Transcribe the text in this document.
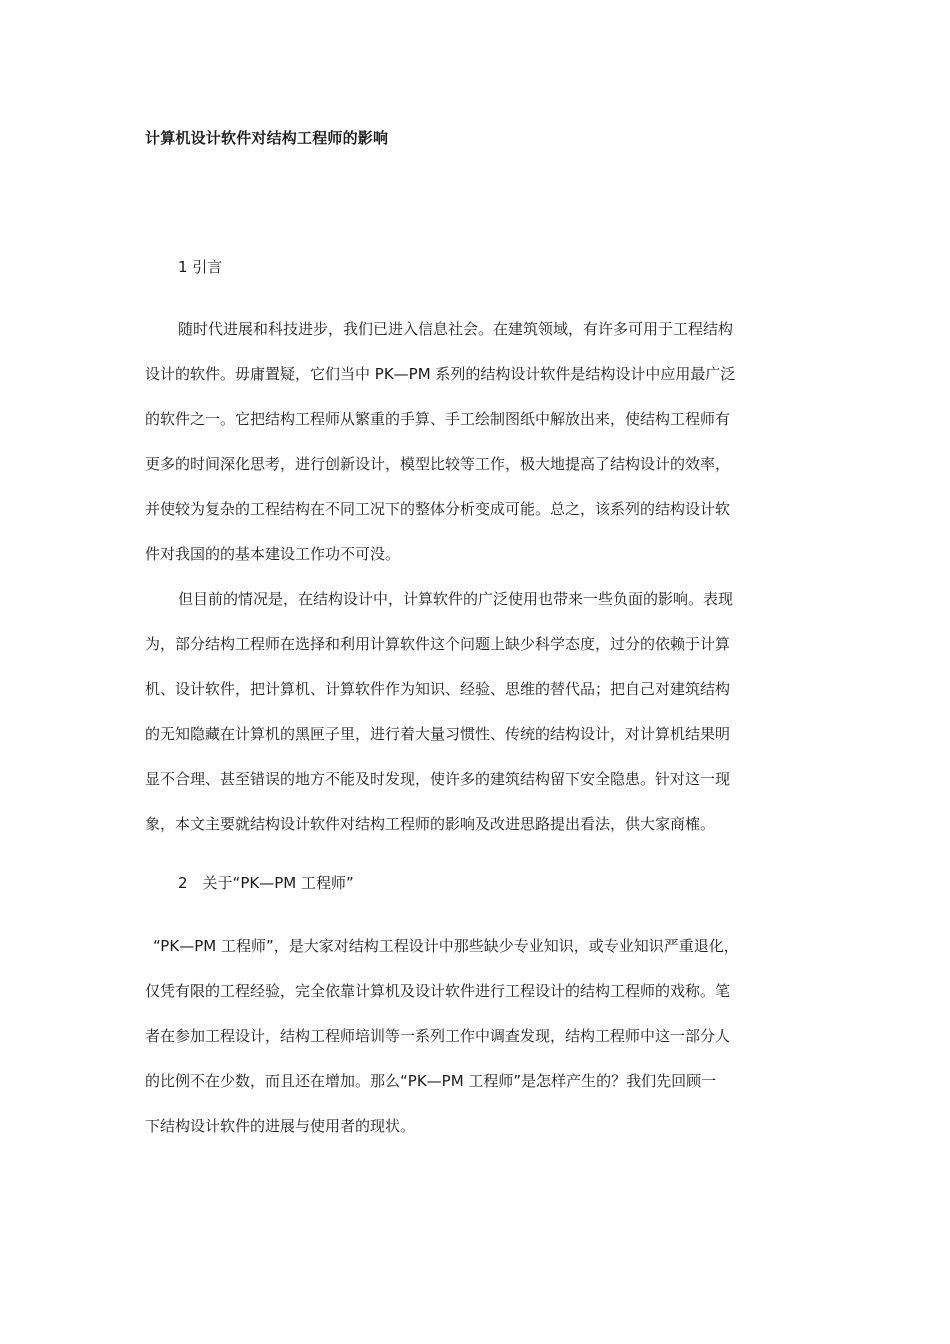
计算机设计软件对结构工程师的影响
1 引言
随时代进展和科技进步，我们已进入信息社会。在建筑领域，有许多可用于工程结构
设计的软件。毋庸置疑，它们当中 PK—PM 系列的结构设计软件是结构设计中应用最广泛
的软件之一。它把结构工程师从繁重的手算、手工绘制图纸中解放出来，使结构工程师有
更多的时间深化思考，进行创新设计，模型比较等工作，极大地提高了结构设计的效率，
并使较为复杂的工程结构在不同工况下的整体分析变成可能。总之，该系列的结构设计软
件对我国的的基本建设工作功不可没。
但目前的情况是，在结构设计中，计算软件的广泛使用也带来一些负面的影响。表现
为，部分结构工程师在选择和利用计算软件这个问题上缺少科学态度，过分的依赖于计算
机、设计软件，把计算机、计算软件作为知识、经验、思维的替代品；把自己对建筑结构
的无知隐藏在计算机的黑匣子里，进行着大量习惯性、传统的结构设计，对计算机结果明
显不合理、甚至错误的地方不能及时发现，使许多的建筑结构留下安全隐患。针对这一现
象，本文主要就结构设计软件对结构工程师的影响及改进思路提出看法，供大家商榷。
2　关于“PK—PM 工程师”
“PK—PM 工程师”，是大家对结构工程设计中那些缺少专业知识，或专业知识严重退化，
仅凭有限的工程经验，完全依靠计算机及设计软件进行工程设计的结构工程师的戏称。笔
者在参加工程设计，结构工程师培训等一系列工作中调查发现，结构工程师中这一部分人
的比例不在少数，而且还在增加。那么“PK—PM 工程师”是怎样产生的？我们先回顾一
下结构设计软件的进展与使用者的现状。
